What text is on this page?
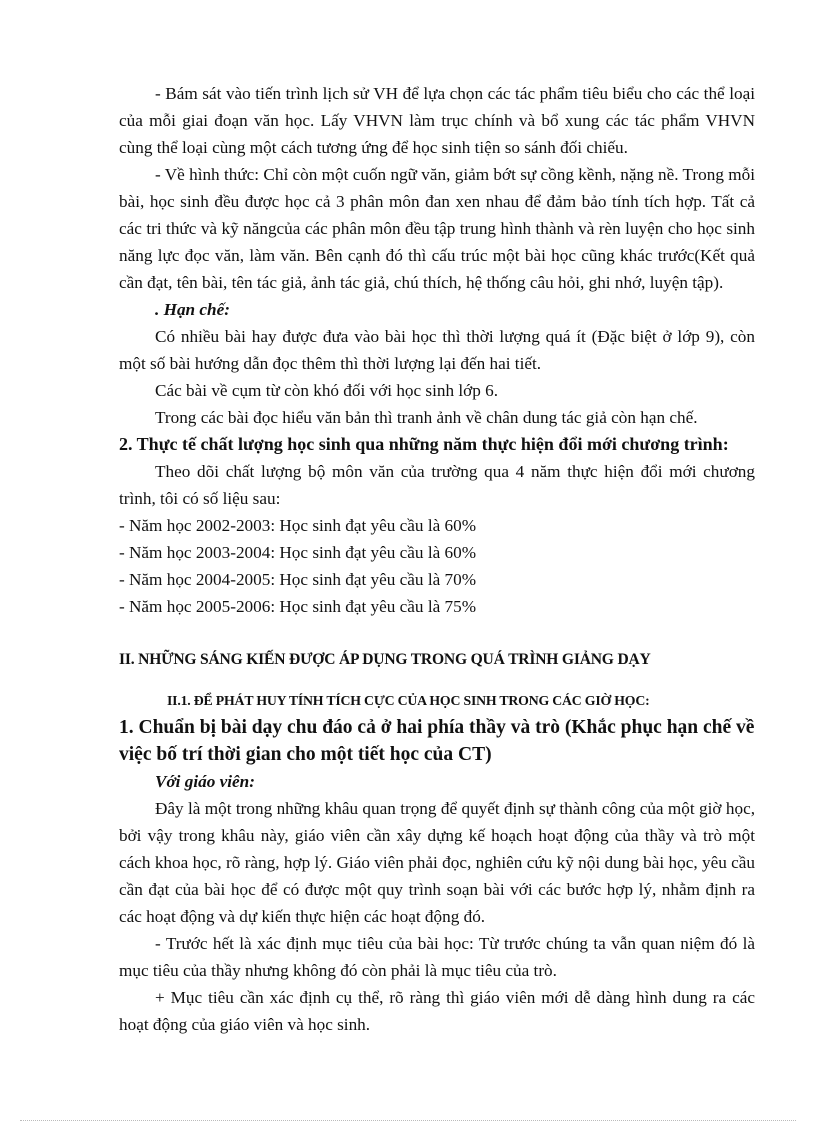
- Bám sát vào tiến trình lịch sử VH để lựa chọn các tác phẩm tiêu biểu cho các thể loại của mỗi giai đoạn văn học. Lấy VHVN làm trục chính và bổ xung các tác phẩm VHVN cùng thể loại cùng một cách tương ứng để học sinh tiện so sánh đối chiếu.

- Về hình thức: Chỉ còn một cuốn ngữ văn, giảm bớt sự cồng kềnh, nặng nề. Trong mỗi bài, học sinh đều được học cả 3 phân môn đan xen nhau để đảm bảo tính tích hợp. Tất cả các tri thức và kỹ năngcủa các phân môn đều tập trung hình thành và rèn luyện cho học sinh năng lực đọc văn, làm văn. Bên cạnh đó thì cấu trúc một bài học cũng khác trước(Kết quả cần đạt, tên bài, tên tác giả, ảnh tác giả, chú thích, hệ thống câu hỏi, ghi nhớ, luyện tập).

. Hạn chế:

Có nhiều bài hay được đưa vào bài học thì thời lượng quá ít (Đặc biệt ở lớp 9), còn một số bài hướng dẫn đọc thêm thì thời lượng lại đến hai tiết.

Các bài về cụm từ còn khó đối với học sinh lớp 6.

Trong các bài đọc hiểu văn bản thì tranh ảnh về chân dung tác giả còn hạn chế.

2. Thực tế chất lượng học sinh qua những năm thực hiện đổi mới chương trình:

Theo dõi chất lượng bộ môn văn của trường qua 4 năm thực hiện đổi mới chương trình, tôi có số liệu sau:

- Năm học 2002-2003: Học sinh đạt yêu cầu là 60%

- Năm học 2003-2004: Học sinh đạt yêu cầu là 60%

- Năm học 2004-2005: Học sinh đạt yêu cầu là 70%

- Năm học 2005-2006: Học sinh đạt yêu cầu là 75%

II. NHỮNG SÁNG KIẾN ĐƯỢC ÁP DỤNG TRONG QUÁ TRÌNH GIẢNG DẠY

II.1. ĐỂ PHÁT HUY TÍNH TÍCH CỰC CỦA HỌC SINH TRONG CÁC GIỜ HỌC:

1. Chuẩn bị bài dạy chu đáo cả ở hai phía thầy và trò (Khắc phục hạn chế về việc bố trí thời gian cho một tiết học của CT)

Với giáo viên:

Đây là một trong những khâu quan trọng để quyết định sự thành công của một giờ học, bởi vậy trong khâu này, giáo viên cần xây dựng kế hoạch hoạt động của thầy và trò một cách khoa học, rõ ràng, hợp lý. Giáo viên phải đọc, nghiên cứu kỹ nội dung bài học, yêu cầu cần đạt của bài học để có được một quy trình soạn bài với các bước hợp lý, nhằm định ra các hoạt động và dự kiến thực hiện các hoạt động đó.

- Trước hết là xác định mục tiêu của bài học: Từ trước chúng ta vẫn quan niệm đó là mục tiêu của thầy nhưng không đó còn phải là mục tiêu của trò.

+ Mục tiêu cần xác định cụ thể, rõ ràng thì giáo viên mới dễ dàng hình dung ra các hoạt động của giáo viên và học sinh.
